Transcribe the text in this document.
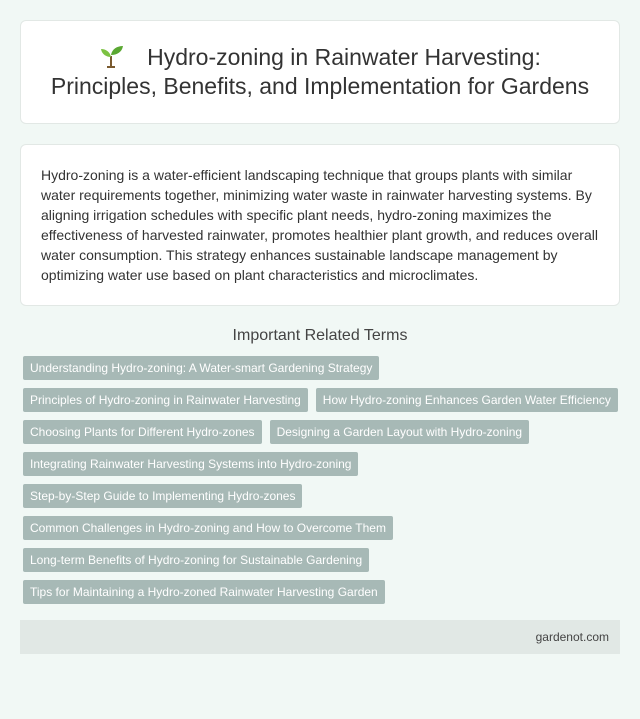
Hydro-zoning in Rainwater Harvesting: Principles, Benefits, and Implementation for Gardens

Hydro-zoning is a water-efficient landscaping technique that groups plants with similar water requirements together, minimizing water waste in rainwater harvesting systems. By aligning irrigation schedules with specific plant needs, hydro-zoning maximizes the effectiveness of harvested rainwater, promotes healthier plant growth, and reduces overall water consumption. This strategy enhances sustainable landscape management by optimizing water use based on plant characteristics and microclimates.

Important Related Terms
Understanding Hydro-zoning: A Water-smart Gardening Strategy
Principles of Hydro-zoning in Rainwater Harvesting	How Hydro-zoning Enhances Garden Water Efficiency
Choosing Plants for Different Hydro-zones	Designing a Garden Layout with Hydro-zoning
Integrating Rainwater Harvesting Systems into Hydro-zoning
Step-by-Step Guide to Implementing Hydro-zones
Common Challenges in Hydro-zoning and How to Overcome Them
Long-term Benefits of Hydro-zoning for Sustainable Gardening
Tips for Maintaining a Hydro-zoned Rainwater Harvesting Garden
gardenot.com
